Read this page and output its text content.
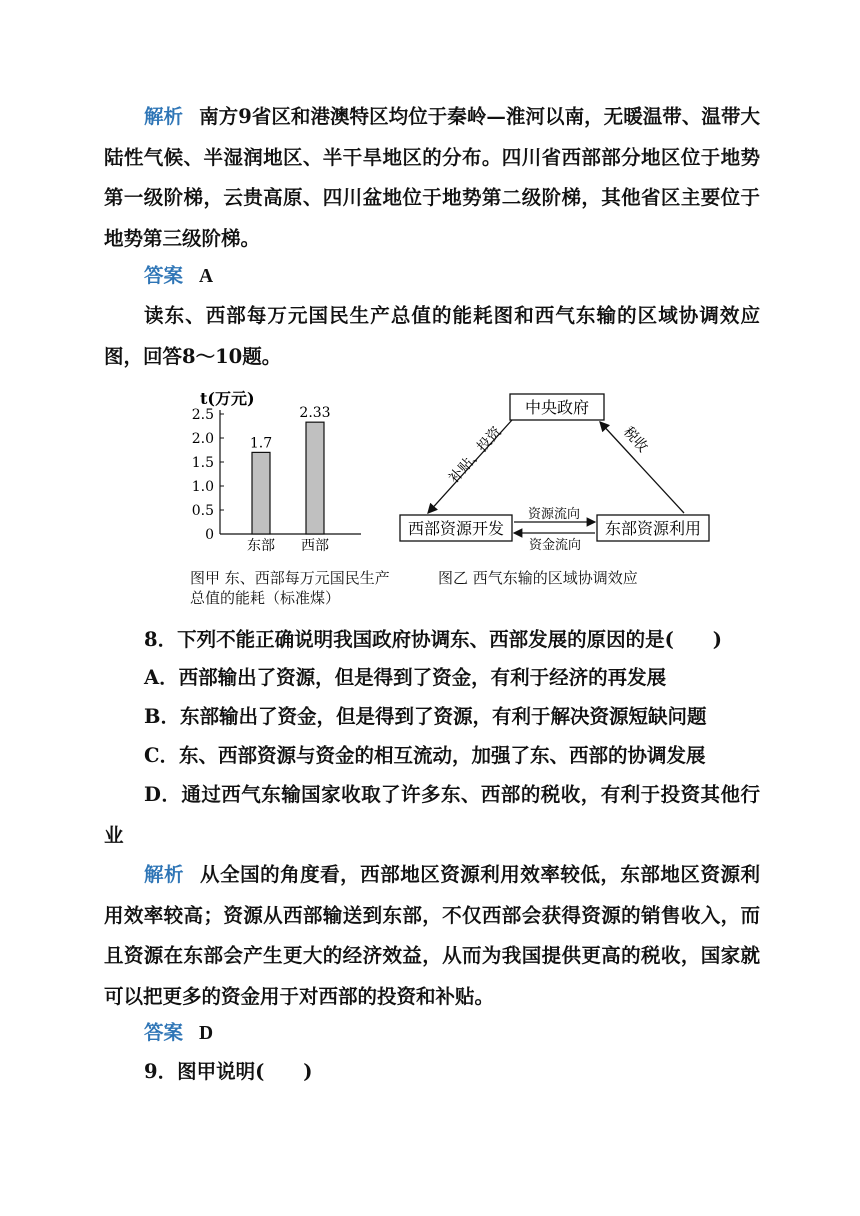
解析 南方9省区和港澳特区均位于秦岭—淮河以南，无暖温带、温带大陆性气候、半湿润地区、半干旱地区的分布。四川省西部部分地区位于地势第一级阶梯，云贵高原、四川盆地位于地势第二级阶梯，其他省区主要位于地势第三级阶梯。

答案 A

读东、西部每万元国民生产总值的能耗图和西气东输的区域协调效应图，回答8～10题。

t(万元)
0
0.5
1.0
1.5
2.0
2.5
1.7
东部
2.33
西部
图甲 东、西部每万元国民生产
总值的能耗（标准煤）
中央政府
西部资源开发	东部资源利用
补贴、投资	税收
资源流向
资金流向
图乙 西气东输的区域协调效应

8．下列不能正确说明我国政府协调东、西部发展的原因的是(　　)

A．西部输出了资源，但是得到了资金，有利于经济的再发展

B．东部输出了资金，但是得到了资源，有利于解决资源短缺问题

C．东、西部资源与资金的相互流动，加强了东、西部的协调发展

D．通过西气东输国家收取了许多东、西部的税收，有利于投资其他行业

解析 从全国的角度看，西部地区资源利用效率较低，东部地区资源利用效率较高；资源从西部输送到东部，不仅西部会获得资源的销售收入，而且资源在东部会产生更大的经济效益，从而为我国提供更高的税收，国家就可以把更多的资金用于对西部的投资和补贴。

答案 D

9．图甲说明(　　)
